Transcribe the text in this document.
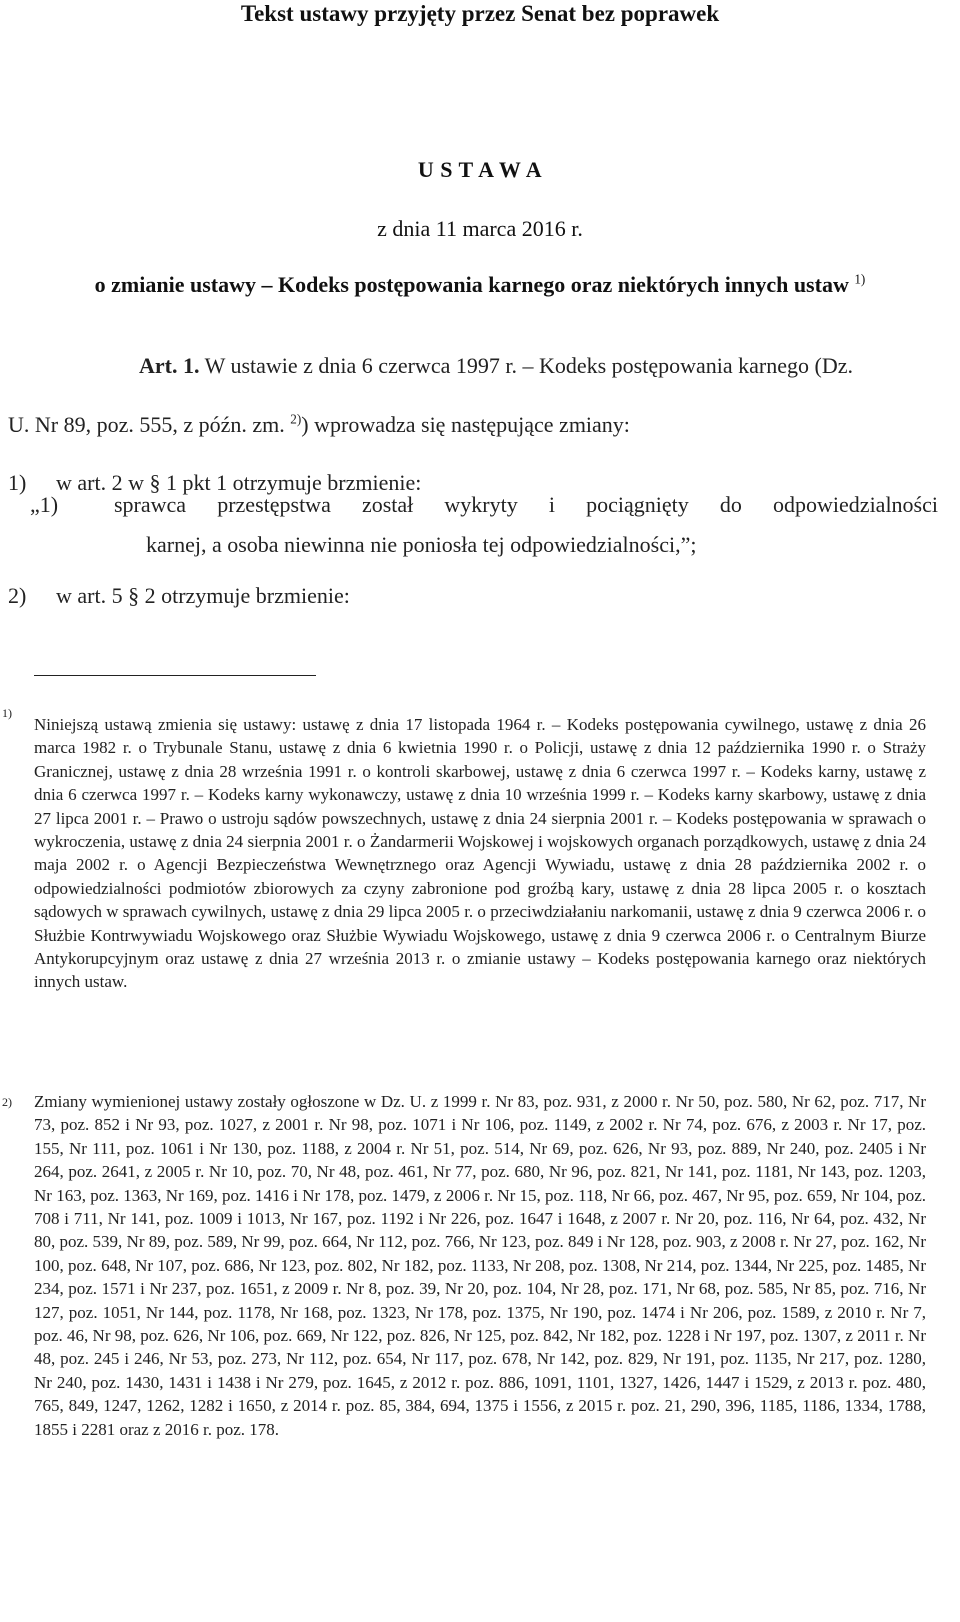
Tekst ustawy przyjęty przez Senat bez poprawek
U S T A W A
z dnia 11 marca 2016 r.
o zmianie ustawy – Kodeks postępowania karnego oraz niektórych innych ustaw $^{1)}$
Art. 1. W ustawie z dnia 6 czerwca 1997 r. – Kodeks postępowania karnego (Dz.
U. Nr 89, poz. 555, z późn. zm. $^{2)}$) wprowadza się następujące zmiany:
1) w art. 2 w § 1 pkt 1 otrzymuje brzmienie:
„1)	sprawca przestępstwa został wykryty i pociągnięty do odpowiedzialności
karnej, a osoba niewinna nie poniosła tej odpowiedzialności,”;
2) w art. 5 § 2 otrzymuje brzmienie:
1)
Niniejszą ustawą zmienia się ustawy: ustawę z dnia 17 listopada 1964 r. – Kodeks postępowania cywilnego, ustawę z dnia 26 marca 1982 r. o Trybunale Stanu, ustawę z dnia 6 kwietnia 1990 r. o Policji, ustawę z dnia 12 października 1990 r. o Straży Granicznej, ustawę z dnia 28 września 1991 r. o kontroli skarbowej, ustawę z dnia 6 czerwca 1997 r. – Kodeks karny, ustawę z dnia 6 czerwca 1997 r. – Kodeks karny wykonawczy, ustawę z dnia 10 września 1999 r. – Kodeks karny skarbowy, ustawę z dnia 27 lipca 2001 r. – Prawo o ustroju sądów powszechnych, ustawę z dnia 24 sierpnia 2001 r. – Kodeks postępowania w sprawach o wykroczenia, ustawę z dnia 24 sierpnia 2001 r. o Żandarmerii Wojskowej i wojskowych organach porządkowych, ustawę z dnia 24 maja 2002 r. o Agencji Bezpieczeństwa Wewnętrznego oraz Agencji Wywiadu, ustawę z dnia 28 października 2002 r. o odpowiedzialności podmiotów zbiorowych za czyny zabronione pod groźbą kary, ustawę z dnia 28 lipca 2005 r. o kosztach sądowych w sprawach cywilnych, ustawę z dnia 29 lipca 2005 r. o przeciwdziałaniu narkomanii, ustawę z dnia 9 czerwca 2006 r. o Służbie Kontrwywiadu Wojskowego oraz Służbie Wywiadu Wojskowego, ustawę z dnia 9 czerwca 2006 r. o Centralnym Biurze Antykorupcyjnym oraz ustawę z dnia 27 września 2013 r. o zmianie ustawy – Kodeks postępowania karnego oraz niektórych innych ustaw.
2) Zmiany wymienionej ustawy zostały ogłoszone w Dz. U. z 1999 r. Nr 83, poz. 931, z 2000 r. Nr 50, poz. 580, Nr 62, poz. 717, Nr 73, poz. 852 i Nr 93, poz. 1027, z 2001 r. Nr 98, poz. 1071 i Nr 106, poz. 1149, z 2002 r. Nr 74, poz. 676, z 2003 r. Nr 17, poz. 155, Nr 111, poz. 1061 i Nr 130, poz. 1188, z 2004 r. Nr 51, poz. 514, Nr 69, poz. 626, Nr 93, poz. 889, Nr 240, poz. 2405 i Nr 264, poz. 2641, z 2005 r. Nr 10, poz. 70, Nr 48, poz. 461, Nr 77, poz. 680, Nr 96, poz. 821, Nr 141, poz. 1181, Nr 143, poz. 1203, Nr 163, poz. 1363, Nr 169, poz. 1416 i Nr 178, poz. 1479, z 2006 r. Nr 15, poz. 118, Nr 66, poz. 467, Nr 95, poz. 659, Nr 104, poz. 708 i 711, Nr 141, poz. 1009 i 1013, Nr 167, poz. 1192 i Nr 226, poz. 1647 i 1648, z 2007 r. Nr 20, poz. 116, Nr 64, poz. 432, Nr 80, poz. 539, Nr 89, poz. 589, Nr 99, poz. 664, Nr 112, poz. 766, Nr 123, poz. 849 i Nr 128, poz. 903, z 2008 r. Nr 27, poz. 162, Nr 100, poz. 648, Nr 107, poz. 686, Nr 123, poz. 802, Nr 182, poz. 1133, Nr 208, poz. 1308, Nr 214, poz. 1344, Nr 225, poz. 1485, Nr 234, poz. 1571 i Nr 237, poz. 1651, z 2009 r. Nr 8, poz. 39, Nr 20, poz. 104, Nr 28, poz. 171, Nr 68, poz. 585, Nr 85, poz. 716, Nr 127, poz. 1051, Nr 144, poz. 1178, Nr 168, poz. 1323, Nr 178, poz. 1375, Nr 190, poz. 1474 i Nr 206, poz. 1589, z 2010 r. Nr 7, poz. 46, Nr 98, poz. 626, Nr 106, poz. 669, Nr 122, poz. 826, Nr 125, poz. 842, Nr 182, poz. 1228 i Nr 197, poz. 1307, z 2011 r. Nr 48, poz. 245 i 246, Nr 53, poz. 273, Nr 112, poz. 654, Nr 117, poz. 678, Nr 142, poz. 829, Nr 191, poz. 1135, Nr 217, poz. 1280, Nr 240, poz. 1430, 1431 i 1438 i Nr 279, poz. 1645, z 2012 r. poz. 886, 1091, 1101, 1327, 1426, 1447 i 1529, z 2013 r. poz. 480, 765, 849, 1247, 1262, 1282 i 1650, z 2014 r. poz. 85, 384, 694, 1375 i 1556, z 2015 r. poz. 21, 290, 396, 1185, 1186, 1334, 1788, 1855 i 2281 oraz z 2016 r. poz. 178.
